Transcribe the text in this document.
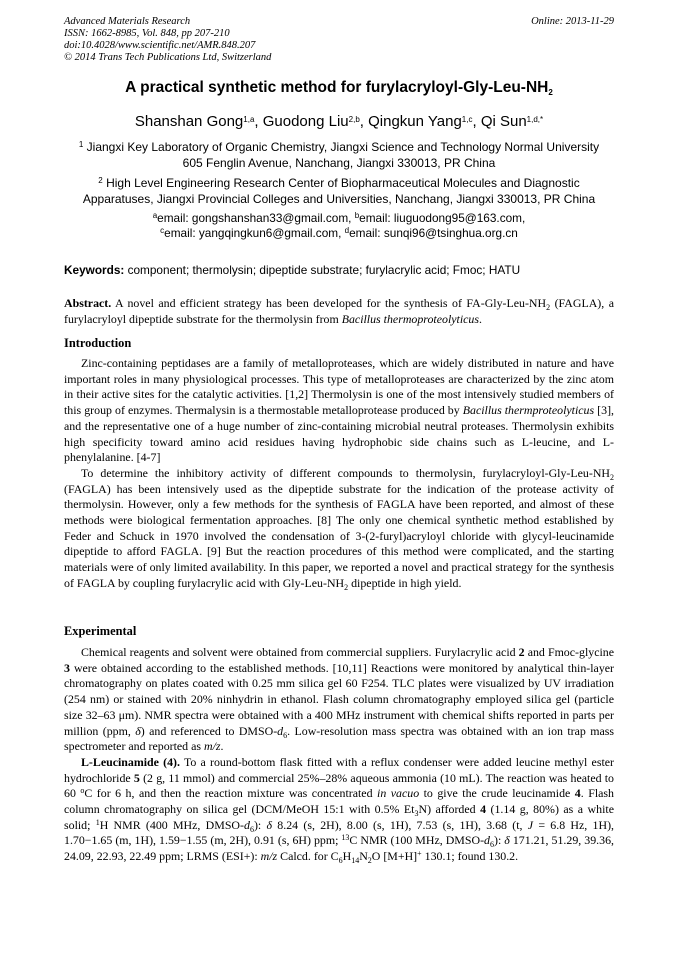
Advanced Materials Research
ISSN: 1662-8985, Vol. 848, pp 207-210
doi:10.4028/www.scientific.net/AMR.848.207
© 2014 Trans Tech Publications Ltd, Switzerland
Online: 2013-11-29
A practical synthetic method for furylacryloyl-$Gly-Leu-NH_2$
Shanshan Gong$^{1,a}$, Guodong Liu$^{2,b}$, Qingkun Yang$^{1,c}$, Qi Sun$^{1,d,*}$
$^1$ Jiangxi Key Laboratory of Organic Chemistry, Jiangxi Science and Technology Normal University
605 Fenglin Avenue, Nanchang, Jiangxi 330013, PR China
$^2$ High Level Engineering Research Center of Biopharmaceutical Molecules and Diagnostic
Apparatuses, Jiangxi Provincial Colleges and Universities, Nanchang, Jiangxi 330013, PR China
$^a$email: gongshanshan33@gmail.com, $^b$email: liuguodong95@163.com,
$^c$email: yangqingkun6@gmail.com, $^d$email: sunqi96@tsinghua.org.cn
Keywords: component; thermolysin; dipeptide substrate; furylacrylic acid; Fmoc; HATU
Abstract. A novel and efficient strategy has been developed for the synthesis of $FA-Gly-Leu-NH_2$ (FAGLA), a furylacryloyl dipeptide substrate for the thermolysin from Bacillus thermoproteolyticus.
Introduction

Zinc-containing peptidases are a family of metalloproteases, which are widely distributed in nature and have important roles in many physiological processes. This type of metalloproteases are characterized by the zinc atom in their active sites for the catalytic activities. [1,2] Thermolysin is one of the most intensively studied members of this group of enzymes. Thermalysin is a thermostable metalloprotease produced by Bacillus thermproteolyticus [3], and the representative one of a huge number of zinc-containing microbial neutral proteases. Thermolysin exhibits high specificity toward amino acid residues having hydrophobic side chains such as L-leucine, and L-phenylalanine. [4-7]

To determine the inhibitory activity of different compounds to thermolysin, furylacryloyl-$Gly-Leu-NH_2$ (FAGLA) has been intensively used as the dipeptide substrate for the indication of the protease activity of thermolysin. However, only a few methods for the synthesis of FAGLA have been reported, and almost of these methods were biological fermentation approaches. [8] The only one chemical synthetic method established by Feder and Schuck in 1970 involved the condensation of 3-(2-furyl)acryloyl chloride with glycyl-leucinamide dipeptide to afford FAGLA. [9] But the reaction procedures of this method were complicated, and the starting materials were of only limited availability. In this paper, we reported a novel and practical strategy for the synthesis of FAGLA by coupling furylacrylic acid with Gly-$Leu-NH_2$ dipeptide in high yield.

Experimental

Chemical reagents and solvent were obtained from commercial suppliers. Furylacrylic acid 2 and Fmoc-glycine 3 were obtained according to the established methods. [10,11] Reactions were monitored by analytical thin-layer chromatography on plates coated with 0.25 mm silica gel 60 F254. TLC plates were visualized by UV irradiation (254 nm) or stained with 20% ninhydrin in ethanol. Flash column chromatography employed silica gel (particle size 32–63 μm). NMR spectra were obtained with a 400 MHz instrument with chemical shifts reported in parts per million (ppm, δ) and referenced to DMSO-$d_6$. Low-resolution mass spectra was obtained with an ion trap mass spectrometer and reported as m/z.

L-Leucinamide (4). To a round-bottom flask fitted with a reflux condenser were added leucine methyl ester hydrochloride 5 (2 g, 11 mmol) and commercial 25%–28% aqueous ammonia (10 mL). The reaction was heated to 60 $^o$C for 6 h, and then the reaction mixture was concentrated in vacuo to give the crude leucinamide 4. Flash column chromatography on silica gel (DCM/MeOH 15:1 with 0.5% $Et_3N$) afforded 4 (1.14 g, 80%) as a white solid; $^1$H NMR (400 MHz, DMSO-$d_6$): δ 8.24 (s, 2H), 8.00 (s, 1H), 7.53 (s, 1H), 3.68 (t, J = 6.8 Hz, 1H), 1.70−1.65 (m, 1H), 1.59−1.55 (m, 2H), 0.91 (s, 6H) ppm; $^{13}$C NMR (100 MHz, DMSO-$d_6$): δ 171.21, 51.29, 39.36, 24.09, 22.93, 22.49 ppm; LRMS (ESI+): m/z Calcd. for $C_6H_{14}N_2O$ [M+H]+ 130.1; found 130.2.
